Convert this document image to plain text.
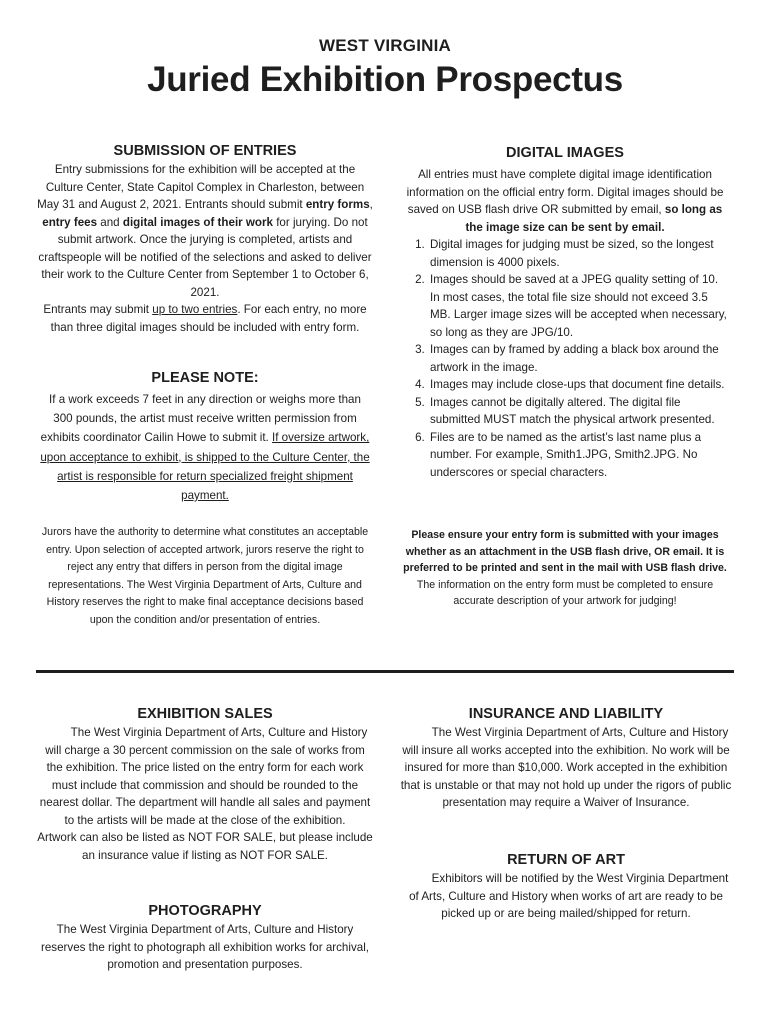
WEST VIRGINIA
Juried Exhibition Prospectus
SUBMISSION OF ENTRIES

Entry submissions for the exhibition will be accepted at the Culture Center, State Capitol Complex in Charleston, between May 31 and August 2, 2021. Entrants should submit entry forms, entry fees and digital images of their work for jurying. Do not submit artwork. Once the jurying is completed, artists and craftspeople will be notified of the selections and asked to deliver their work to the Culture Center from September 1 to October 6, 2021.

Entrants may submit up to two entries. For each entry, no more than three digital images should be included with entry form.

PLEASE NOTE:

If a work exceeds 7 feet in any direction or weighs more than 300 pounds, the artist must receive written permission from exhibits coordinator Cailin Howe to submit it. If oversize artwork, upon acceptance to exhibit, is shipped to the Culture Center, the artist is responsible for return specialized freight shipment payment.

Jurors have the authority to determine what constitutes an acceptable entry. Upon selection of accepted artwork, jurors reserve the right to reject any entry that differs in person from the digital image representations. The West Virginia Department of Arts, Culture and History reserves the right to make final acceptance decisions based upon the condition and/or presentation of entries.

DIGITAL IMAGES

All entries must have complete digital image identification information on the official entry form. Digital images should be saved on USB flash drive OR submitted by email, so long as the image size can be sent by email.

1. Digital images for judging must be sized, so the longest dimension is 4000 pixels.
2. Images should be saved at a JPEG quality setting of 10. In most cases, the total file size should not exceed 3.5 MB. Larger image sizes will be accepted when necessary, so long as they are JPG/10.
3. Images can by framed by adding a black box around the artwork in the image.
4. Images may include close-ups that document fine details.
5. Images cannot be digitally altered. The digital file submitted MUST match the physical artwork presented.
6. Files are to be named as the artist’s last name plus a number. For example, Smith1.JPG, Smith2.JPG. No underscores or special characters.

Please ensure your entry form is submitted with your images whether as an attachment in the USB flash drive, OR email. It is preferred to be printed and sent in the mail with USB flash drive.

The information on the entry form must be completed to ensure accurate description of your artwork for judging!

EXHIBITION SALES

The West Virginia Department of Arts, Culture and History will charge a 30 percent commission on the sale of works from the exhibition. The price listed on the entry form for each work must include that commission and should be rounded to the nearest dollar. The department will handle all sales and payment to the artists will be made at the close of the exhibition.

Artwork can also be listed as NOT FOR SALE, but please include an insurance value if listing as NOT FOR SALE.

PHOTOGRAPHY

The West Virginia Department of Arts, Culture and History reserves the right to photograph all exhibition works for archival, promotion and presentation purposes.

INSURANCE AND LIABILITY

The West Virginia Department of Arts, Culture and History will insure all works accepted into the exhibition. No work will be insured for more than $10,000. Work accepted in the exhibition that is unstable or that may not hold up under the rigors of public presentation may require a Waiver of Insurance.

RETURN OF ART

Exhibitors will be notified by the West Virginia Department of Arts, Culture and History when works of art are ready to be picked up or are being mailed/shipped for return.
